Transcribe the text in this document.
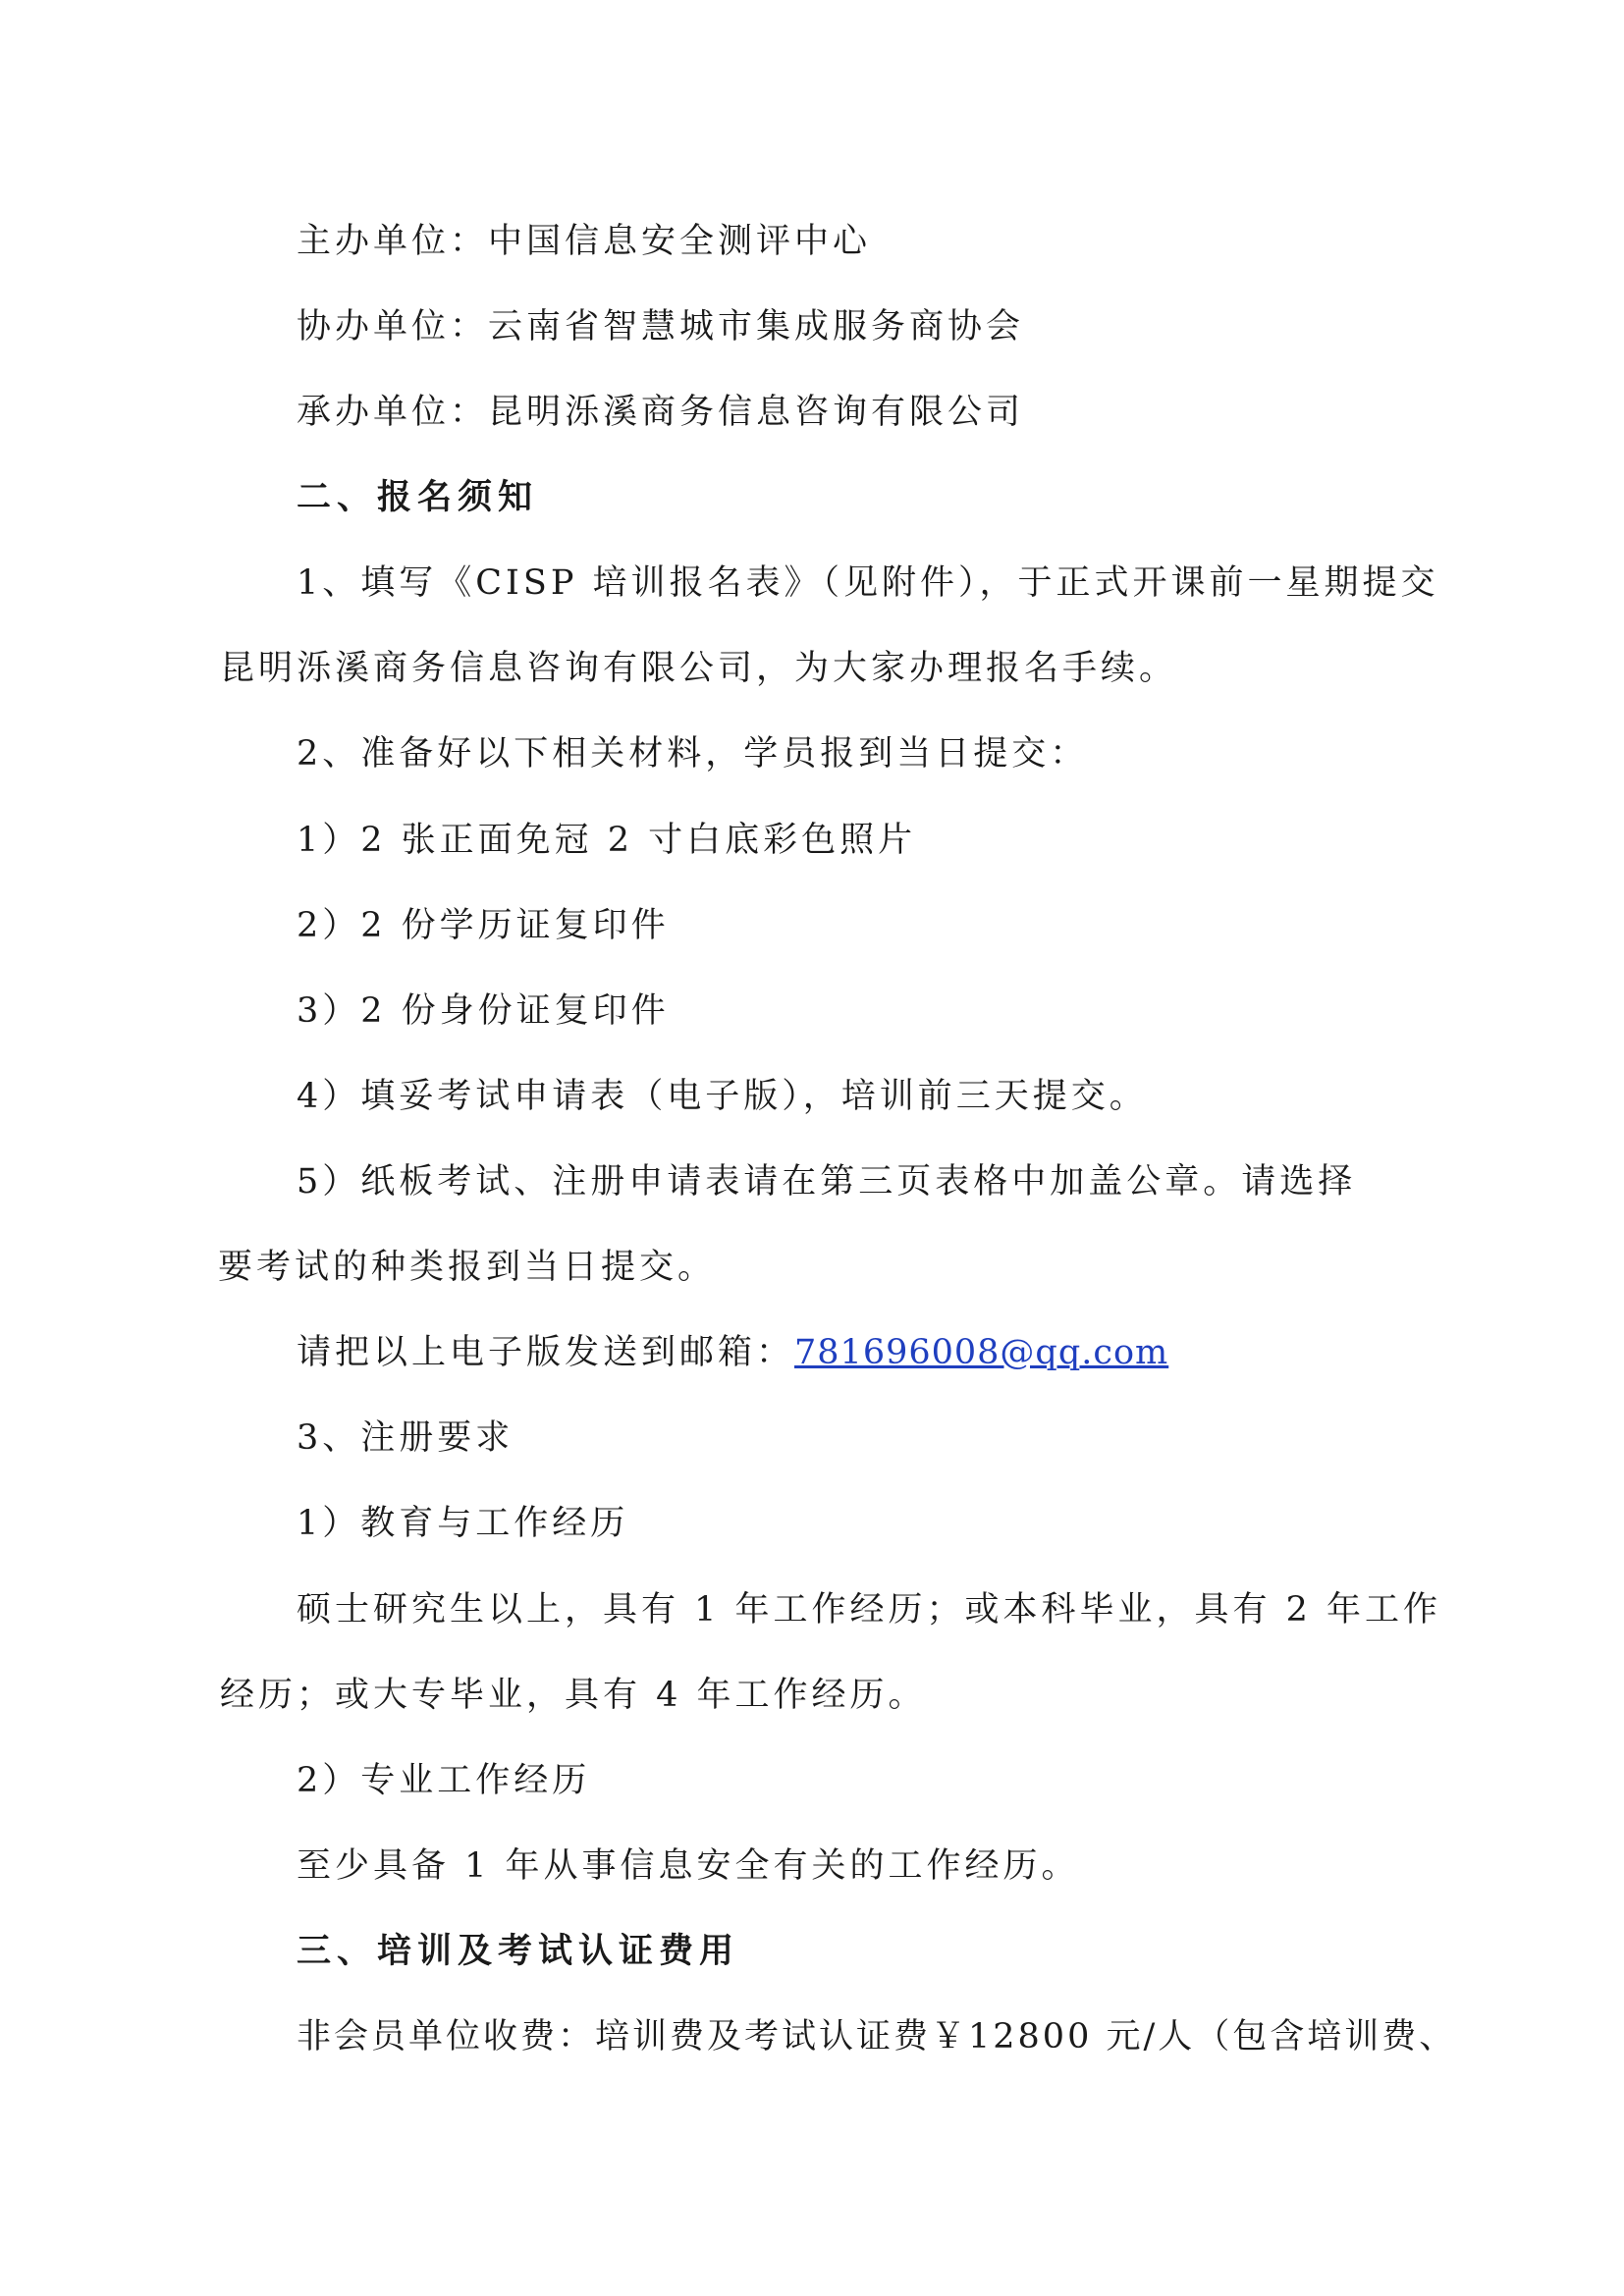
主办单位：中国信息安全测评中心
协办单位：云南省智慧城市集成服务商协会
承办单位：昆明泺溪商务信息咨询有限公司
二、报名须知
1、填写《CISP 培训报名表》（见附件），于正式开课前一星期提交
昆明泺溪商务信息咨询有限公司，为大家办理报名手续。
2、准备好以下相关材料，学员报到当日提交：
1）2 张正面免冠 2 寸白底彩色照片
2）2 份学历证复印件
3）2 份身份证复印件
4）填妥考试申请表（电子版），培训前三天提交。
5）纸板考试、注册申请表请在第三页表格中加盖公章。请选择
要考试的种类报到当日提交。
请把以上电子版发送到邮箱：781696008@qq.com
3、注册要求
1）教育与工作经历
硕士研究生以上，具有 1 年工作经历；或本科毕业，具有 2 年工作
经历；或大专毕业，具有 4 年工作经历。
2）专业工作经历
至少具备 1 年从事信息安全有关的工作经历。
三、培训及考试认证费用
非会员单位收费：培训费及考试认证费￥12800 元/人（包含培训费、
